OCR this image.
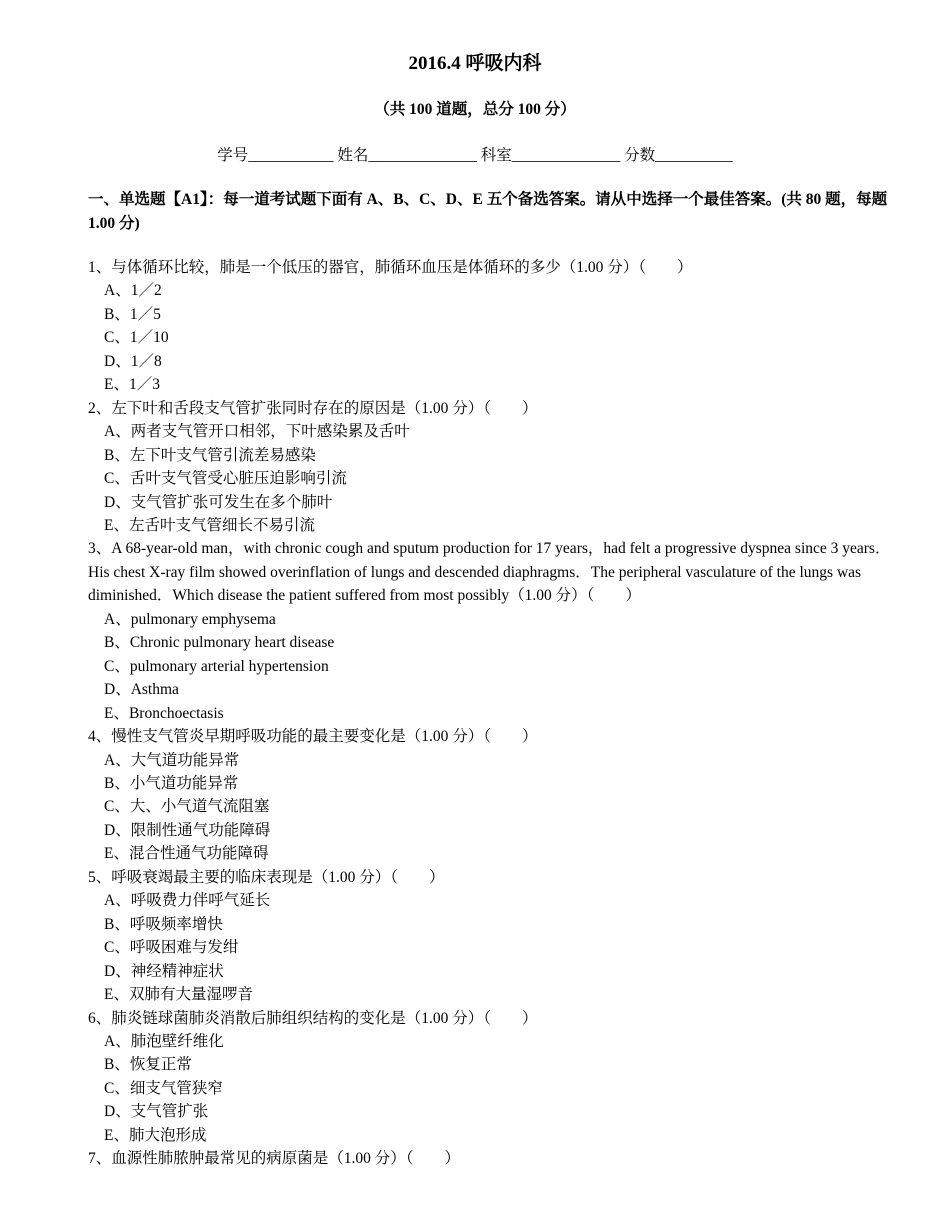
2016.4 呼吸内科
（共 100 道题，总分 100 分）
学号___________ 姓名______________ 科室______________ 分数__________
一、单选题【A1】：每一道考试题下面有 A、B、C、D、E 五个备选答案。请从中选择一个最佳答案。(共 80 题，每题 1.00 分)
1、与体循环比较，肺是一个低压的器官，肺循环血压是体循环的多少（1.00 分）（　　）
A、1／2
B、1／5
C、1／10
D、1／8
E、1／3
2、左下叶和舌段支气管扩张同时存在的原因是（1.00 分）（　　）
A、两者支气管开口相邻，下叶感染累及舌叶
B、左下叶支气管引流差易感染
C、舌叶支气管受心脏压迫影响引流
D、支气管扩张可发生在多个肺叶
E、左舌叶支气管细长不易引流
3、A 68-year-old man，with chronic cough and sputum production for 17 years，had felt a progressive dyspnea since 3 years．His chest X-ray film showed overinflation of lungs and descended diaphragms．The peripheral vasculature of the lungs was diminished．Which disease the patient suffered from most possibly（1.00 分）（　　）
A、pulmonary emphysema
B、Chronic pulmonary heart disease
C、pulmonary arterial hypertension
D、Asthma
E、Bronchoectasis
4、慢性支气管炎早期呼吸功能的最主要变化是（1.00 分）（　　）
A、大气道功能异常
B、小气道功能异常
C、大、小气道气流阻塞
D、限制性通气功能障碍
E、混合性通气功能障碍
5、呼吸衰竭最主要的临床表现是（1.00 分）（　　）
A、呼吸费力伴呼气延长
B、呼吸频率增快
C、呼吸困难与发绀
D、神经精神症状
E、双肺有大量湿啰音
6、肺炎链球菌肺炎消散后肺组织结构的变化是（1.00 分）（　　）
A、肺泡壁纤维化
B、恢复正常
C、细支气管狭窄
D、支气管扩张
E、肺大泡形成
7、血源性肺脓肿最常见的病原菌是（1.00 分）（　　）
